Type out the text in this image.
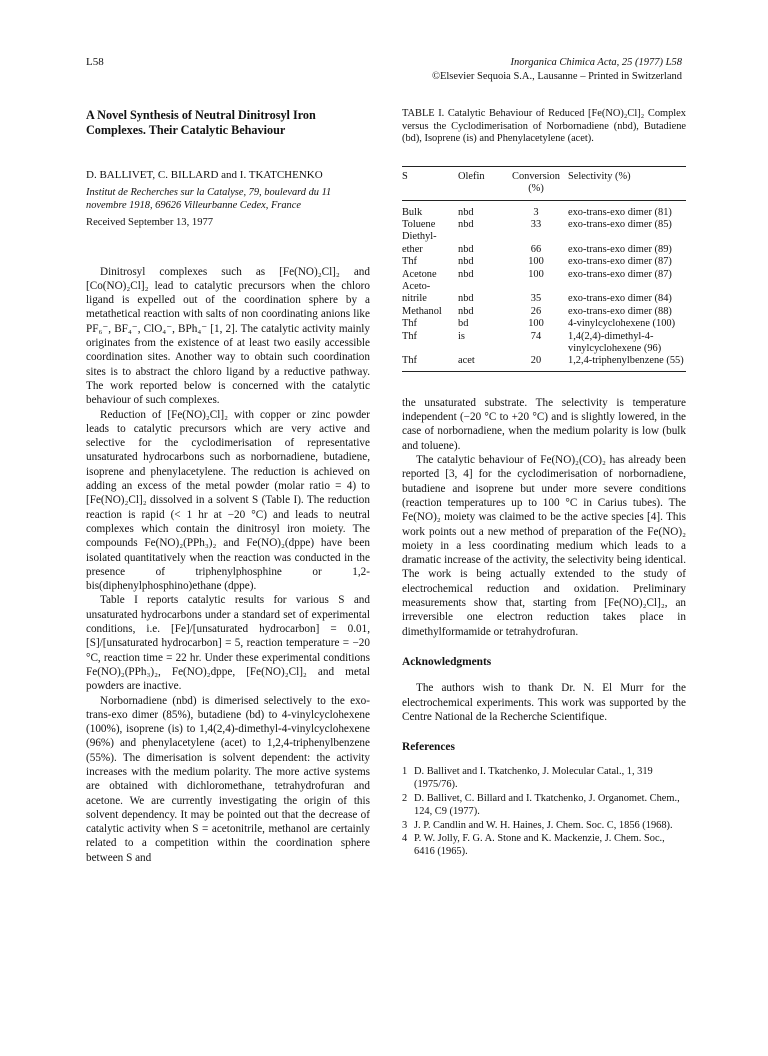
L58	Inorganica Chimica Acta, 25 (1977) L58
©Elsevier Sequoia S.A., Lausanne – Printed in Switzerland
A Novel Synthesis of Neutral Dinitrosyl Iron Complexes. Their Catalytic Behaviour
D. BALLIVET, C. BILLARD and I. TKATCHENKO
Institut de Recherches sur la Catalyse, 79, boulevard du 11 novembre 1918, 69626 Villeurbanne Cedex, France
Received September 13, 1977

Dinitrosyl complexes such as [Fe(NO)₂Cl]₂ and [Co(NO)₂Cl]₂ lead to catalytic precursors when the chloro ligand is expelled out of the coordination sphere by a metathetical reaction with salts of non coordinating anions like PF₆⁻, BF₄⁻, ClO₄⁻, BPh₄⁻ [1, 2]. The catalytic activity mainly originates from the existence of at least two easily accessible coordination sites. Another way to obtain such coordination sites is to abstract the chloro ligand by a reductive pathway. The work reported below is concerned with the catalytic behaviour of such complexes.

Reduction of [Fe(NO)₂Cl]₂ with copper or zinc powder leads to catalytic precursors which are very active and selective for the cyclodimerisation of representative unsaturated hydrocarbons such as norbornadiene, butadiene, isoprene and phenylacetylene. The reduction is achieved on adding an excess of the metal powder (molar ratio = 4) to [Fe(NO)₂Cl]₂ dissolved in a solvent S (Table I). The reduction reaction is rapid (< 1 hr at −20 °C) and leads to neutral complexes which contain the dinitrosyl iron moiety. The compounds Fe(NO)₂(PPh₃)₂ and Fe(NO)₂(dppe) have been isolated quantitatively when the reaction was conducted in the presence of triphenylphosphine or 1,2-bis(diphenylphosphino)ethane (dppe).

Table I reports catalytic results for various S and unsaturated hydrocarbons under a standard set of experimental conditions, i.e. [Fe]/[unsaturated hydrocarbon] = 0.01, [S]/[unsaturated hydrocarbon] = 5, reaction temperature = −20 °C, reaction time = 22 hr. Under these experimental conditions Fe(NO)₂(PPh₃)₂, Fe(NO)₂dppe, [Fe(NO)₂Cl]₂ and metal powders are inactive.

Norbornadiene (nbd) is dimerised selectively to the exo-trans-exo dimer (85%), butadiene (bd) to 4-vinylcyclohexene (100%), isoprene (is) to 1,4(2,4)-dimethyl-4-vinylcyclohexene (96%) and phenylacetylene (acet) to 1,2,4-triphenylbenzene (55%). The dimerisation is solvent dependent: the activity increases with the medium polarity. The more active systems are obtained with dichloromethane, tetrahydrofuran and acetone. We are currently investigating the origin of this solvent dependency. It may be pointed out that the decrease of catalytic activity when S = acetonitrile, methanol are certainly related to a competition within the coordination sphere between S and

TABLE I. Catalytic Behaviour of Reduced [Fe(NO)₂Cl]₂ Complex versus the Cyclodimerisation of Norbornadiene (nbd), Butadiene (bd), Isoprene (is) and Phenylacetylene (acet).
S	Olefin	Conversion (%)	Selectivity (%)
Bulk	nbd	3	exo-trans-exo dimer (81)
Toluene	nbd	33	exo-trans-exo dimer (85)
Diethyl-			
ether	nbd	66	exo-trans-exo dimer (89)
Thf	nbd	100	exo-trans-exo dimer (87)
Acetone	nbd	100	exo-trans-exo dimer (87)
Aceto-			
nitrile	nbd	35	exo-trans-exo dimer (84)
Methanol	nbd	26	exo-trans-exo dimer (88)
Thf	bd	100	4-vinylcyclohexene (100)
Thf	is	74	1,4(2,4)-dimethyl-4-vinylcyclohexene (96)
Thf	acet	20	1,2,4-triphenylbenzene (55)

the unsaturated substrate. The selectivity is temperature independent (−20 °C to +20 °C) and is slightly lowered, in the case of norbornadiene, when the medium polarity is low (bulk and toluene).

The catalytic behaviour of Fe(NO)₂(CO)₂ has already been reported [3, 4] for the cyclodimerisation of norbornadiene, butadiene and isoprene but under more severe conditions (reaction temperatures up to 100 °C in Carius tubes). The Fe(NO)₂ moiety was claimed to be the active species [4]. This work points out a new method of preparation of the Fe(NO)₂ moiety in a less coordinating medium which leads to a dramatic increase of the activity, the selectivity being identical. The work is being actually extended to the study of electrochemical reduction and oxidation. Preliminary measurements show that, starting from [Fe(NO)₂Cl]₂, an irreversible one electron reduction takes place in dimethylformamide or tetrahydrofuran.

Acknowledgments

The authors wish to thank Dr. N. El Murr for the electrochemical experiments. This work was supported by the Centre National de la Recherche Scientifique.

References
1 D. Ballivet and I. Tkatchenko, J. Molecular Catal., 1, 319 (1975/76).
2 D. Ballivet, C. Billard and I. Tkatchenko, J. Organomet. Chem., 124, C9 (1977).
3 J. P. Candlin and W. H. Haines, J. Chem. Soc. C, 1856 (1968).
4 P. W. Jolly, F. G. A. Stone and K. Mackenzie, J. Chem. Soc., 6416 (1965).
